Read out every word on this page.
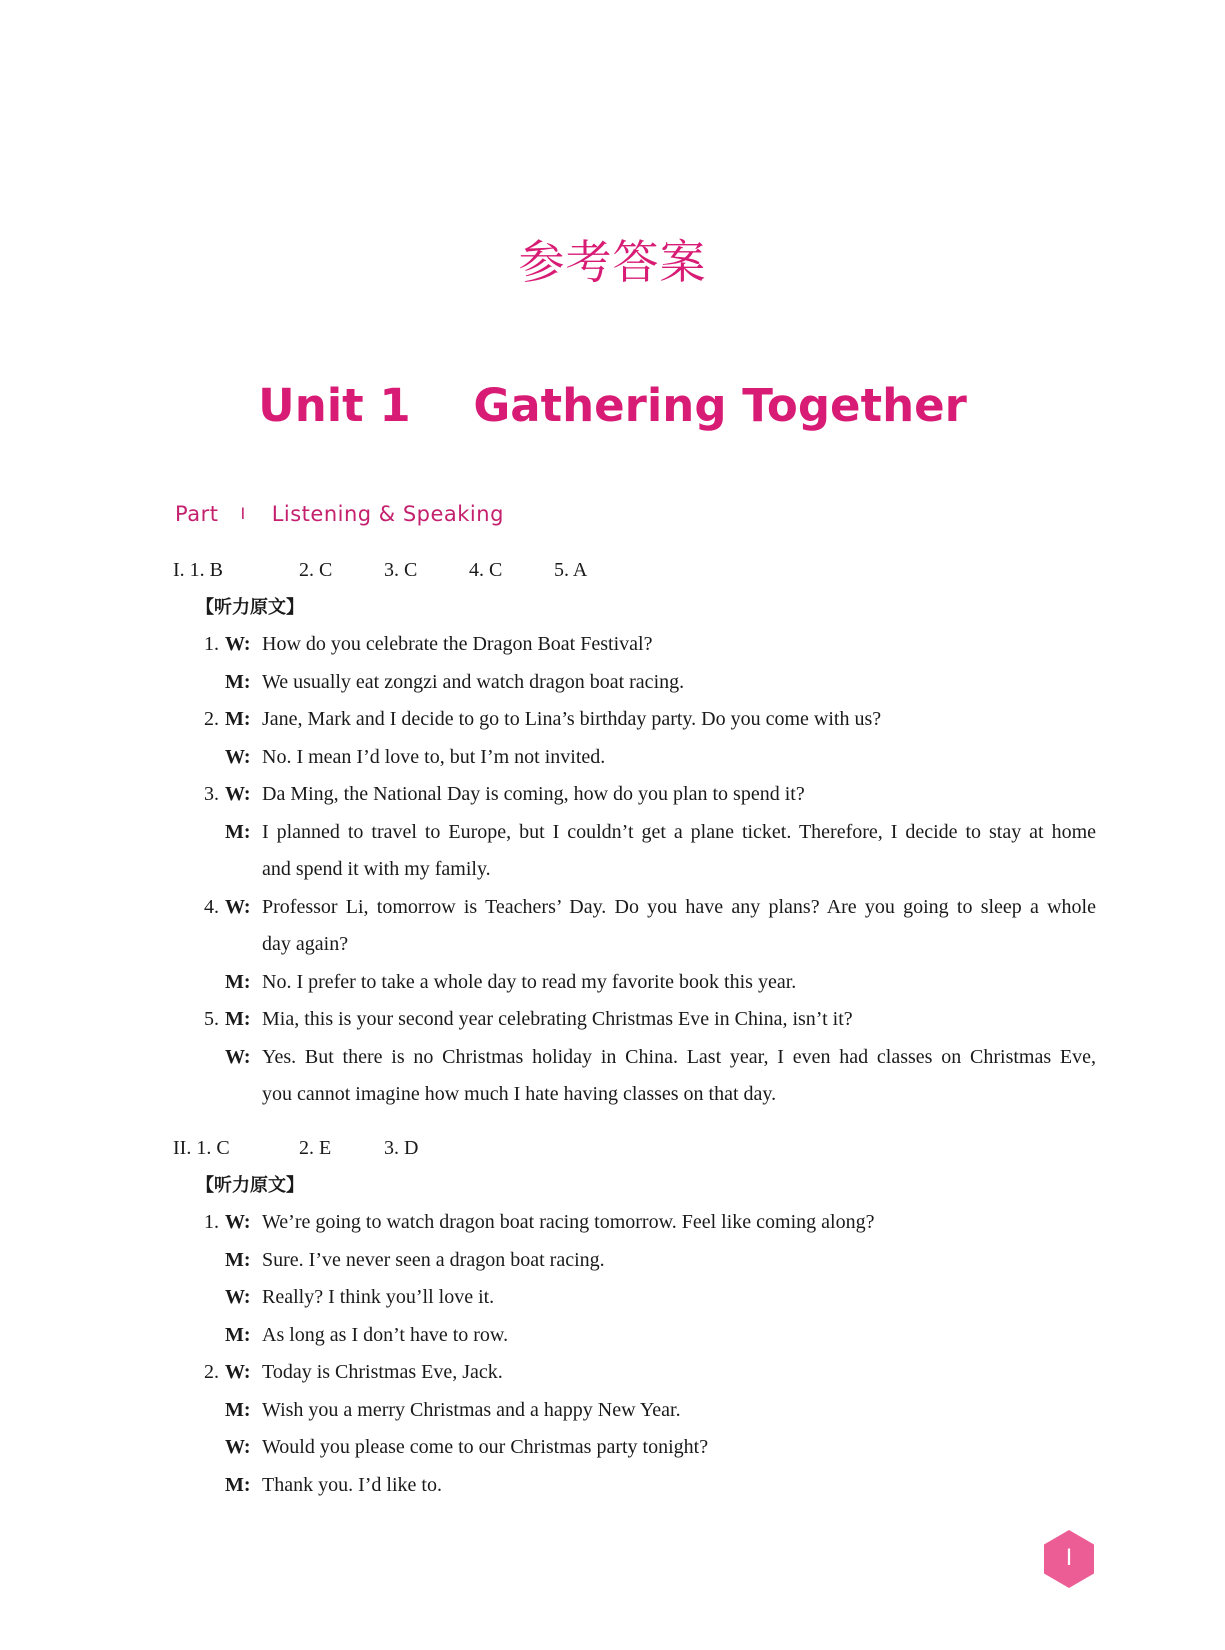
参考答案
Unit 1    Gathering Together
Part I Listening & Speaking
I. 1. B	2. C	3. C	4. C	5. A
【听力原文】
1. W: How do you celebrate the Dragon Boat Festival?
M: We usually eat zongzi and watch dragon boat racing.
2. M: Jane, Mark and I decide to go to Lina’s birthday party. Do you come with us?
W: No. I mean I’d love to, but I’m not invited.
3. W: Da Ming, the National Day is coming, how do you plan to spend it?
M: I planned to travel to Europe, but I couldn’t get a plane ticket. Therefore, I decide to stay at home
and spend it with my family.
4. W: Professor Li, tomorrow is Teachers’ Day. Do you have any plans? Are you going to sleep a whole
day again?
M: No. I prefer to take a whole day to read my favorite book this year.
5. M: Mia, this is your second year celebrating Christmas Eve in China, isn’t it?
W: Yes. But there is no Christmas holiday in China. Last year, I even had classes on Christmas Eve,
you cannot imagine how much I hate having classes on that day.
II. 1. C	2. E	3. D
【听力原文】
1. W: We’re going to watch dragon boat racing tomorrow. Feel like coming along?
M: Sure. I’ve never seen a dragon boat racing.
W: Really? I think you’ll love it.
M: As long as I don’t have to row.
2. W: Today is Christmas Eve, Jack.
M: Wish you a merry Christmas and a happy New Year.
W: Would you please come to our Christmas party tonight?
M: Thank you. I’d like to.
I
